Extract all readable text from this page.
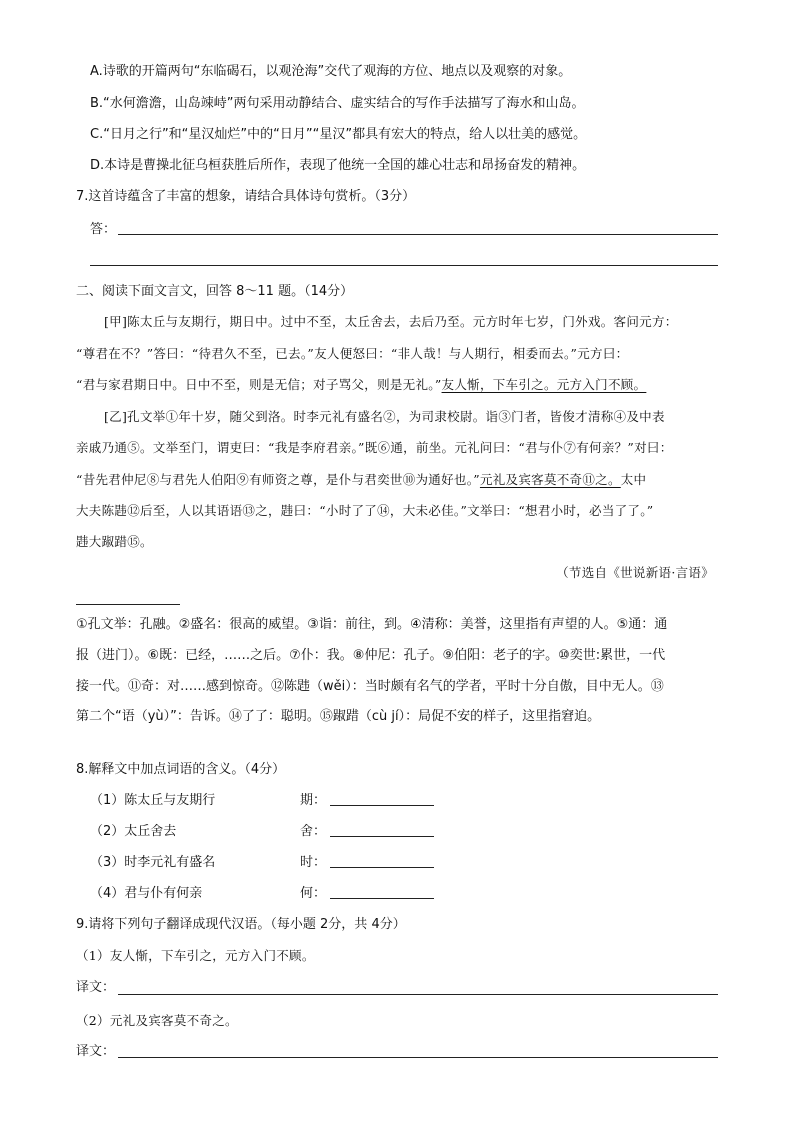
A.诗歌的开篇两句“东临碣石，以观沧海”交代了观海的方位、地点以及观察的对象。
B.“水何澹澹，山岛竦峙”两句采用动静结合、虚实结合的写作手法描写了海水和山岛。
C.“日月之行”和“星汉灿烂”中的“日月”“星汉”都具有宏大的特点，给人以壮美的感觉。
D.本诗是曹操北征乌桓获胜后所作，表现了他统一全国的雄心壮志和昂扬奋发的精神。
7.这首诗蕴含了丰富的想象，请结合具体诗句赏析。（3分）
答：
二、阅读下面文言文，回答 8～11 题。（14分）
[甲]陈太丘与友期行，期日中。过中不至，太丘舍去，去后乃至。元方时年七岁，门外戏。客问元方：
“尊君在不？”答曰：“待君久不至，已去。”友人便怒曰：“非人哉！与人期行，相委而去。”元方曰：
“君与家君期日中。日中不至，则是无信；对子骂父，则是无礼。”友人惭，下车引之。元方入门不顾。
[乙]孔文举①年十岁，随父到洛。时李元礼有盛名②，为司隶校尉。诣③门者，皆俊才清称④及中表
亲戚乃通⑤。文举至门，谓吏曰：“我是李府君亲。”既⑥通，前坐。元礼问曰：“君与仆⑦有何亲？”对曰：
“昔先君仲尼⑧与君先人伯阳⑨有师资之尊，是仆与君奕世⑩为通好也。”元礼及宾客莫不奇⑪之。太中
大夫陈韪⑫后至，人以其语语⑬之，韪曰：“小时了了⑭，大未必佳。”文举曰：“想君小时，必当了了。”
韪大踧踖⑮。
（节选自《世说新语·言语》
①孔文举：孔融。②盛名：很高的威望。③诣：前往，到。④清称：美誉，这里指有声望的人。⑤通：通
报（进门）。⑥既：已经，……之后。⑦仆：我。⑧仲尼：孔子。⑨伯阳：老子的字。⑩奕世:累世，一代
接一代。⑪奇：对……感到惊奇。⑫陈韪（wěi）：当时颇有名气的学者，平时十分自傲，目中无人。⑬
第二个“语（yù）”：告诉。⑭了了：聪明。⑮踧踖（cù jí）：局促不安的样子，这里指窘迫。
8.解释文中加点词语的含义。（4分）
（1）陈太丘与友期行	期：
（2）太丘舍去	舍：
（3）时李元礼有盛名	时：
（4）君与仆有何亲	何：
9.请将下列句子翻译成现代汉语。（每小题 2分，共 4分）
（1）友人惭，下车引之，元方入门不顾。
译文：
（2）元礼及宾客莫不奇之。
译文：
